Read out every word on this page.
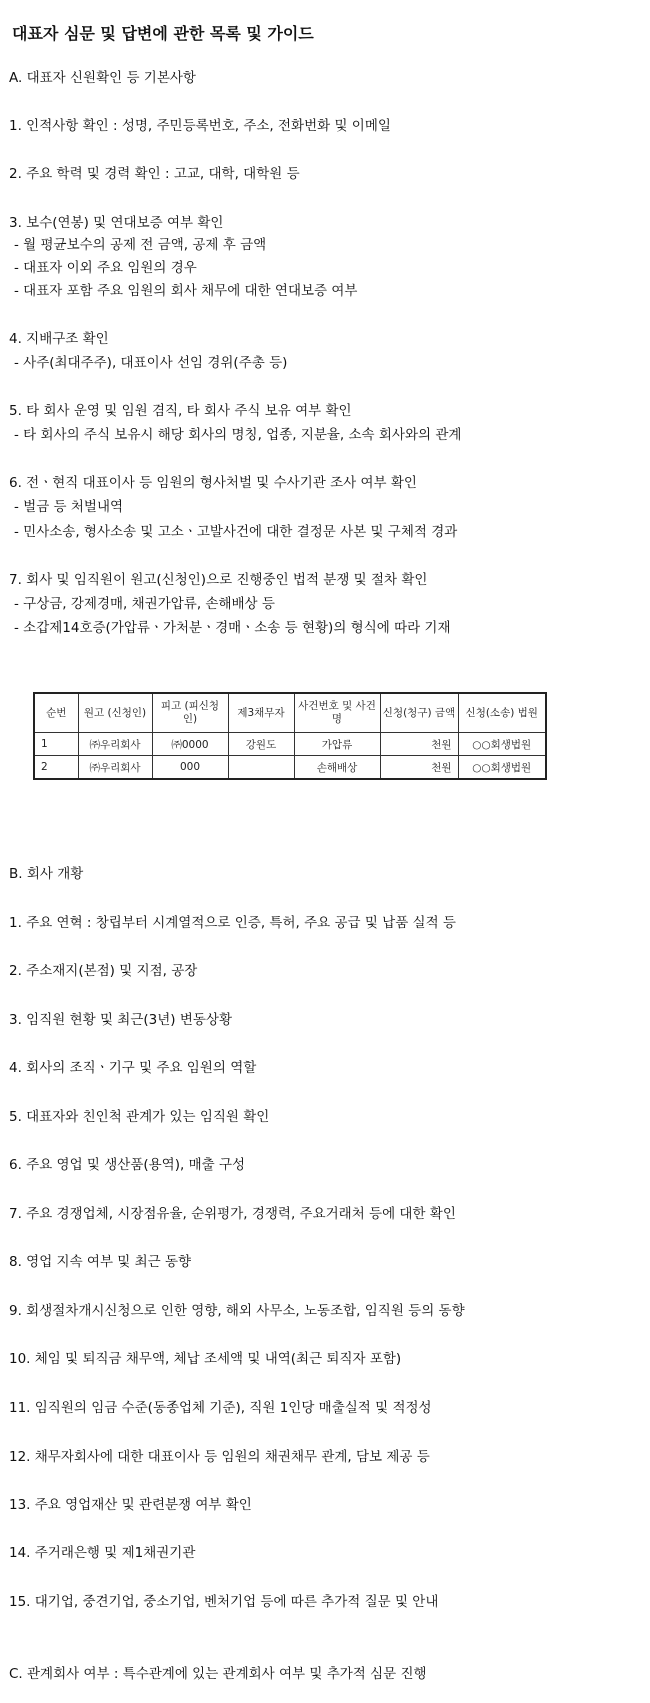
대표자 심문 및 답변에 관한 목록 및 가이드
A. 대표자 신원확인 등 기본사항
1. 인적사항 확인 : 성명, 주민등록번호, 주소, 전화번화 및 이메일
2. 주요 학력 및 경력 확인 : 고교, 대학, 대학원 등
3. 보수(연봉) 및 연대보증 여부 확인
- 월 평균보수의 공제 전 금액, 공제 후 금액
- 대표자 이외 주요 임원의 경우
- 대표자 포함 주요 임원의 회사 채무에 대한 연대보증 여부
4. 지배구조 확인
- 사주(최대주주), 대표이사 선임 경위(주총 등)
5. 타 회사 운영 및 임원 겸직, 타 회사 주식 보유 여부 확인
- 타 회사의 주식 보유시 해당 회사의 명칭, 업종, 지분율, 소속 회사와의 관계
6. 전ㆍ현직 대표이사 등 임원의 형사처벌 및 수사기관 조사 여부 확인
- 벌금 등 처벌내역
- 민사소송, 형사소송 및 고소ㆍ고발사건에 대한 결정문 사본 및 구체적 경과
7. 회사 및 임직원이 원고(신청인)으로 진행중인 법적 분쟁 및 절차 확인
- 구상금, 강제경매, 채권가압류, 손해배상 등
- 소갑제14호증(가압류ㆍ가처분ㆍ경매ㆍ소송 등 현황)의 형식에 따라 기재
순번	원고 (신청인)	피고 (피신청인)	제3채무자	사건번호 및 사건명	신청(청구) 금액	신청(소송) 법원
1	㈜우리회사	㈜0000	강원도	가압류	천원	○○회생법원
2	㈜우리회사	000		손해배상	천원	○○회생법원
B. 회사 개황
1. 주요 연혁 : 창립부터 시계열적으로 인증, 특허, 주요 공급 및 납품 실적 등
2. 주소재지(본점) 및 지점, 공장
3. 임직원 현황 및 최근(3년) 변동상황
4. 회사의 조직ㆍ기구 및 주요 임원의 역할
5. 대표자와 친인척 관계가 있는 임직원 확인
6. 주요 영업 및 생산품(용역), 매출 구성
7. 주요 경쟁업체, 시장점유율, 순위평가, 경쟁력, 주요거래처 등에 대한 확인
8. 영업 지속 여부 및 최근 동향
9. 회생절차개시신청으로 인한 영향, 해외 사무소, 노동조합, 임직원 등의 동향
10. 체임 및 퇴직금 채무액, 체납 조세액 및 내역(최근 퇴직자 포함)
11. 임직원의 임금 수준(동종업체 기준), 직원 1인당 매출실적 및 적정성
12. 채무자회사에 대한 대표이사 등 임원의 채권채무 관계, 담보 제공 등
13. 주요 영업재산 및 관련분쟁 여부 확인
14. 주거래은행 및 제1채권기관
15. 대기업, 중견기업, 중소기업, 벤처기업 등에 따른 추가적 질문 및 안내
C. 관계회사 여부 : 특수관계에 있는 관계회사 여부 및 추가적 심문 진행
